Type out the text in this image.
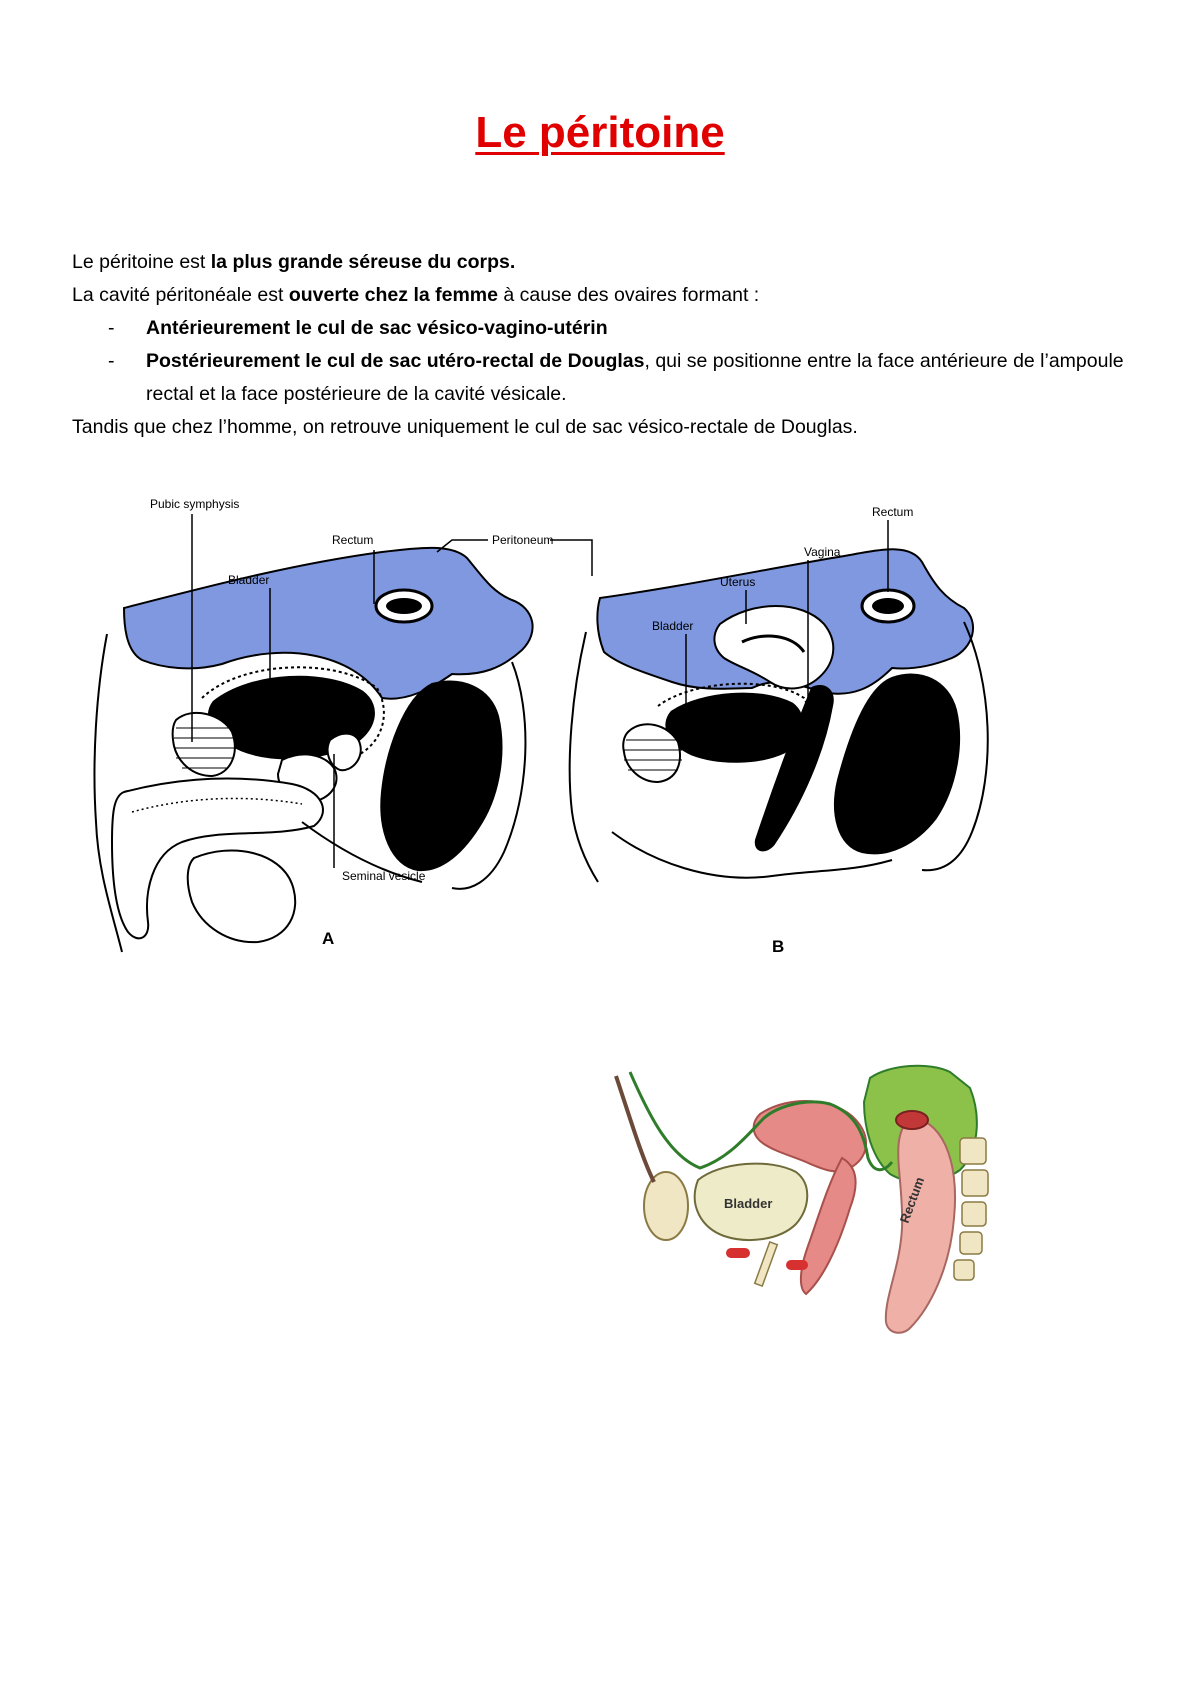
Le péritoine

Le péritoine est la plus grande séreuse du corps.

La cavité péritonéale est ouverte chez la femme à cause des ovaires formant :

- Antérieurement le cul de sac vésico-vagino-utérin
- Postérieurement le cul de sac utéro-rectal de Douglas, qui se positionne entre la face antérieure de l’ampoule rectal et la face postérieure de la cavité vésicale.

Tandis que chez l’homme, on retrouve uniquement le cul de sac vésico-rectale de Douglas.

Pubic symphysis
Bladder
Rectum	Peritoneum
Seminal vesicle
A
Rectum
Vagina
Uterus
Bladder
B
Bladder	Rectum
